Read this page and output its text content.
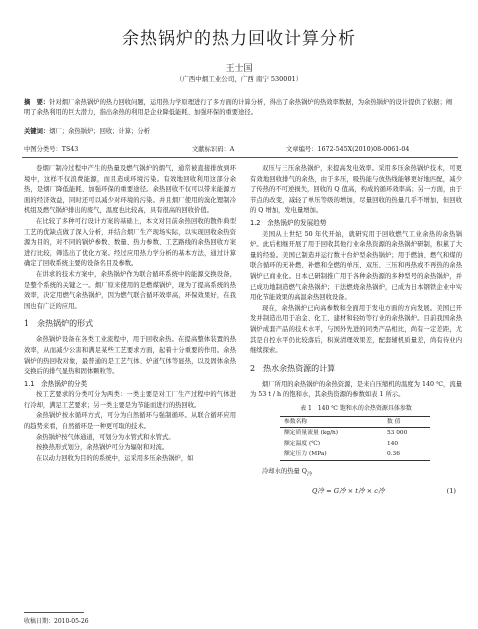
余热锅炉的热力回收计算分析
王士国
（广西中烟工业公司，广西 南宁 530001）
摘　要：针对烟厂余热锅炉的热力回收问题，运用热力学原理进行了多方面的计算分析，得出了余热锅炉的热效率数据，为余热锅炉的设计提供了依据；阐明了余热利用的巨大潜力，指出余热的利用是企业降低能耗、加强环保的重要途径。
关键词：烟厂；余热锅炉；回收；计算；分析
中图分类号：TS43	文献标识码：A	文章编号：1672-545X(2010)08-0061-04

卷烟厂制冷过程中产生的热量及燃气锅炉的烟气，通常被直接排放到环境中，这样不仅浪费能源，而且造成环境污染。有效地回收利用这部分余热，是烟厂降低能耗、加强环保的重要途径。余热回收不仅可以带来能源方面的经济效益，同时还可以减少对环境的污染。并且烟厂使用的溴化锂制冷机组及燃气锅炉排出的废气，温度也比较高，具有很高的回收价值。

在比较了多种可行设计方案的基础上，本文对目前余热回收的散件典型工艺的优缺点做了深入分析，并结合烟厂生产现场实际，以实现回收余热资源为目的，对不同的锅炉参数、数量、热力参数、工艺路线的余热回收方案进行比较，筛选出了优化方案。经过应用热力学分析的基本方法，通过计算确定了回收系统主要的设备名目及参数。

在讲求的技术方案中，余热锅炉作为联合循环系统中的能源交换设备，是整个系统的关键之一。烟厂原来使用的是燃煤锅炉，现为了提高系统的热效率，决定用燃气余热锅炉，因为燃气联合循环效率高，环保效果好，在我国也有广泛的应用。

1　余热锅炉的形式

余热锅炉设备在各类工业流程中，用于回收余热。在提高整体装置的热效率，从而减少公害和满足某些工艺要求方面，起着十分重要的作用。余热锅炉的热回收对象，最普通的是工艺气体、炉道气体等显热，以及固体余热交换后的排气显热和固体颗粒等。

1.1　余热锅炉的分类

按工艺要求的分类可分为两类：一类主要是对工厂生产过程中的气体进行冷却，满足工艺要求；另一类主要是为节能而进行的热回收。

余热锅炉按水循环方式，可分为自然循环与强制循环。从联合循环应用的趋势来看，自然循环是一种更可取的技术。

余热锅炉按气体通道，可划分为水管式和水管式。

按换热形式划分，余热锅炉可分为辐射和对流。

在以动力回收为目的的系统中，运采用多压余热锅炉，如

双压与三压余热锅炉，来提高发电效率。采用多压余热锅炉技术，可更有效地回收排气的余热，由于多压，吸热能与放热线能够更好地匹配，减少了传热的不可逆损失，回收的 Q 值高，构成的循环效率高；另一方面，由于节点的改变，减轻了单压等级的增加，尽量回收的热量几乎不增加，但回收的 Q 增加，发电量增加。

1.2　余热锅炉的发展趋势

美国从上世纪 50 年代开始，就研究用于回收燃气工业余热的余热锅炉。此后相继开展了用于回收其他行业余热资源的余热锅炉研制，积累了大量的经验。美国已制造并运行数十台炉型余热锅炉；用于燃油、燃气和煤的联合循环的无补燃、补燃和全燃的单压、双压、三压和再热或不再热的余热锅炉已商业化。日本已研制推广用于各种余热源的多种型号的余热锅炉，并已成功地制造燃气余热锅炉；干法燃烧余热锅炉，已成为日本钢铁企业中实用化节能效果的高温余热回收设备。

现在，余热锅炉已向高参数和全面用于发电方面的方向发展。美国已开发并制造出用于冶金、化工、建材和轻纺等行业的余热锅炉。目前我国余热锅炉成套产品的技术水平，与国外先进的同类产品相比，尚有一定差距，尤其是自控水平仍比较落后，积炭清理效果差，配套辅机质量差，尚有待业内继续探索。

2　热水余热资源的计算

烟厂所用的余热锅炉的余热资源，是来自压缩机的温度为 140 ℃，流量为 53 t / h 的饱和水，其余热资源的参数如表 1 所示。

表 1　140 ℃ 饱和水的余热资源具体参数
参数名称	数 值
额定质量流量 (kg/h)	53 000
额定温度 (℃)	140
额定压力 (MPa)	0.36

冷却水的热量 $Q_冷$

Q冷 = G冷 × t冷 × c冷	(1)
收稿日期：2010-05-26
